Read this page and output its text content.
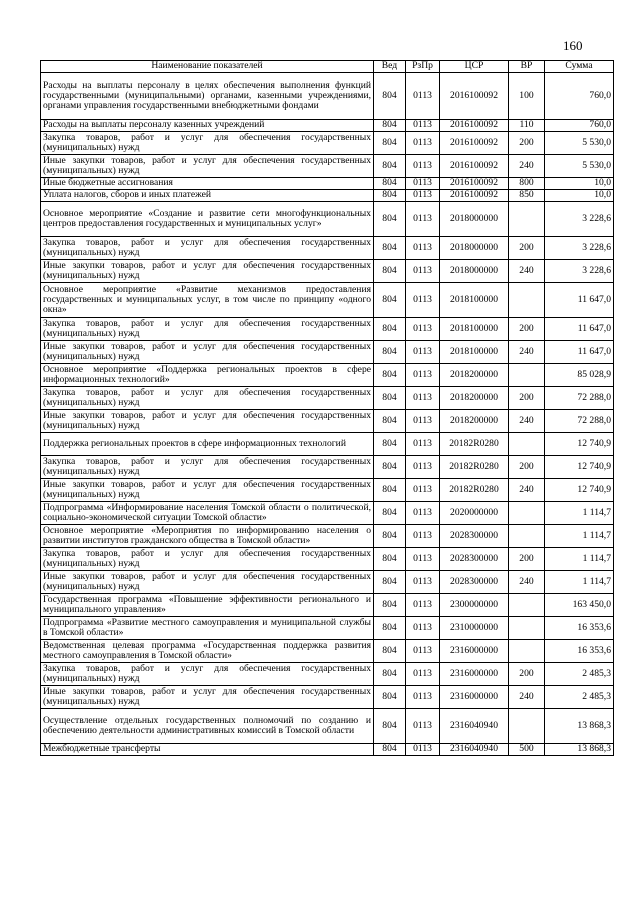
160
Наименование показателей	Вед	РзПр	ЦСР	ВР	Сумма
Расходы на выплаты персоналу в целях обеспечения выполнения функций государственными (муниципальными) органами, казенными учреждениями, органами управления государственными внебюджетными фондами	804	0113	2016100092	100	760,0
Расходы на выплаты персоналу казенных учреждений	804	0113	2016100092	110	760,0
Закупка товаров, работ и услуг для обеспечения государственных (муниципальных) нужд	804	0113	2016100092	200	5 530,0
Иные закупки товаров, работ и услуг для обеспечения государственных (муниципальных) нужд	804	0113	2016100092	240	5 530,0
Иные бюджетные ассигнования	804	0113	2016100092	800	10,0
Уплата налогов, сборов и иных платежей	804	0113	2016100092	850	10,0
Основное мероприятие «Создание и развитие сети многофункциональных центров предоставления государственных и муниципальных услуг»	804	0113	2018000000		3 228,6
Закупка товаров, работ и услуг для обеспечения государственных (муниципальных) нужд	804	0113	2018000000	200	3 228,6
Иные закупки товаров, работ и услуг для обеспечения государственных (муниципальных) нужд	804	0113	2018000000	240	3 228,6
Основное мероприятие «Развитие механизмов предоставления государственных и муниципальных услуг, в том числе по принципу «одного окна»	804	0113	2018100000		11 647,0
Закупка товаров, работ и услуг для обеспечения государственных (муниципальных) нужд	804	0113	2018100000	200	11 647,0
Иные закупки товаров, работ и услуг для обеспечения государственных (муниципальных) нужд	804	0113	2018100000	240	11 647,0
Основное мероприятие «Поддержка региональных проектов в сфере информационных технологий»	804	0113	2018200000		85 028,9
Закупка товаров, работ и услуг для обеспечения государственных (муниципальных) нужд	804	0113	2018200000	200	72 288,0
Иные закупки товаров, работ и услуг для обеспечения государственных (муниципальных) нужд	804	0113	2018200000	240	72 288,0
Поддержка региональных проектов в сфере информационных технологий	804	0113	20182R0280		12 740,9
Закупка товаров, работ и услуг для обеспечения государственных (муниципальных) нужд	804	0113	20182R0280	200	12 740,9
Иные закупки товаров, работ и услуг для обеспечения государственных (муниципальных) нужд	804	0113	20182R0280	240	12 740,9
Подпрограмма «Информирование населения Томской области о политической, социально-экономической ситуации Томской области»	804	0113	2020000000		1 114,7
Основное мероприятие «Мероприятия по информированию населения о развитии институтов гражданского общества в Томской области»	804	0113	2028300000		1 114,7
Закупка товаров, работ и услуг для обеспечения государственных (муниципальных) нужд	804	0113	2028300000	200	1 114,7
Иные закупки товаров, работ и услуг для обеспечения государственных (муниципальных) нужд	804	0113	2028300000	240	1 114,7
Государственная программа «Повышение эффективности регионального и муниципального управления»	804	0113	2300000000		163 450,0
Подпрограмма «Развитие местного самоуправления и муниципальной службы в Томской области»	804	0113	2310000000		16 353,6
Ведомственная целевая программа «Государственная поддержка развития местного самоуправления в Томской области»	804	0113	2316000000		16 353,6
Закупка товаров, работ и услуг для обеспечения государственных (муниципальных) нужд	804	0113	2316000000	200	2 485,3
Иные закупки товаров, работ и услуг для обеспечения государственных (муниципальных) нужд	804	0113	2316000000	240	2 485,3
Осуществление отдельных государственных полномочий по созданию и обеспечению деятельности административных комиссий в Томской области	804	0113	2316040940		13 868,3
Межбюджетные трансферты	804	0113	2316040940	500	13 868,3
